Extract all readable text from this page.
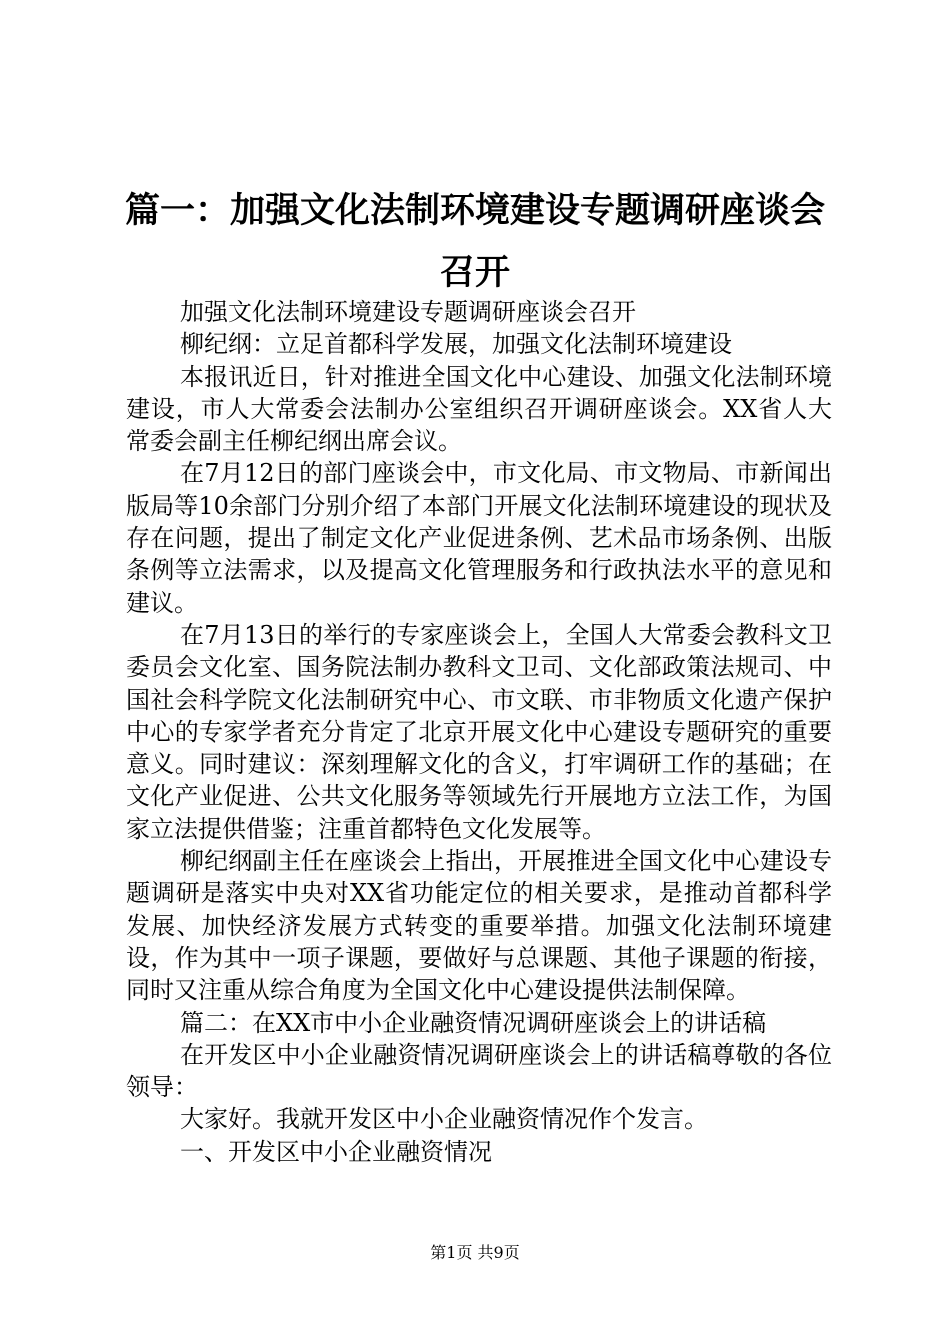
篇一：加强文化法制环境建设专题调研座谈会召开

加强文化法制环境建设专题调研座谈会召开

柳纪纲：立足首都科学发展，加强文化法制环境建设

本报讯近日，针对推进全国文化中心建设、加强文化法制环境建设，市人大常委会法制办公室组织召开调研座谈会。XX省人大常委会副主任柳纪纲出席会议。

在7月12日的部门座谈会中，市文化局、市文物局、市新闻出版局等10余部门分别介绍了本部门开展文化法制环境建设的现状及存在问题，提出了制定文化产业促进条例、艺术品市场条例、出版条例等立法需求，以及提高文化管理服务和行政执法水平的意见和建议。

在7月13日的举行的专家座谈会上，全国人大常委会教科文卫委员会文化室、国务院法制办教科文卫司、文化部政策法规司、中国社会科学院文化法制研究中心、市文联、市非物质文化遗产保护中心的专家学者充分肯定了北京开展文化中心建设专题研究的重要意义。同时建议：深刻理解文化的含义，打牢调研工作的基础；在文化产业促进、公共文化服务等领域先行开展地方立法工作，为国家立法提供借鉴；注重首都特色文化发展等。

柳纪纲副主任在座谈会上指出，开展推进全国文化中心建设专题调研是落实中央对XX省功能定位的相关要求，是推动首都科学发展、加快经济发展方式转变的重要举措。加强文化法制环境建设，作为其中一项子课题，要做好与总课题、其他子课题的衔接，同时又注重从综合角度为全国文化中心建设提供法制保障。

篇二：在XX市中小企业融资情况调研座谈会上的讲话稿

在开发区中小企业融资情况调研座谈会上的讲话稿尊敬的各位领导：

大家好。我就开发区中小企业融资情况作个发言。

一、开发区中小企业融资情况

第1页 共9页
